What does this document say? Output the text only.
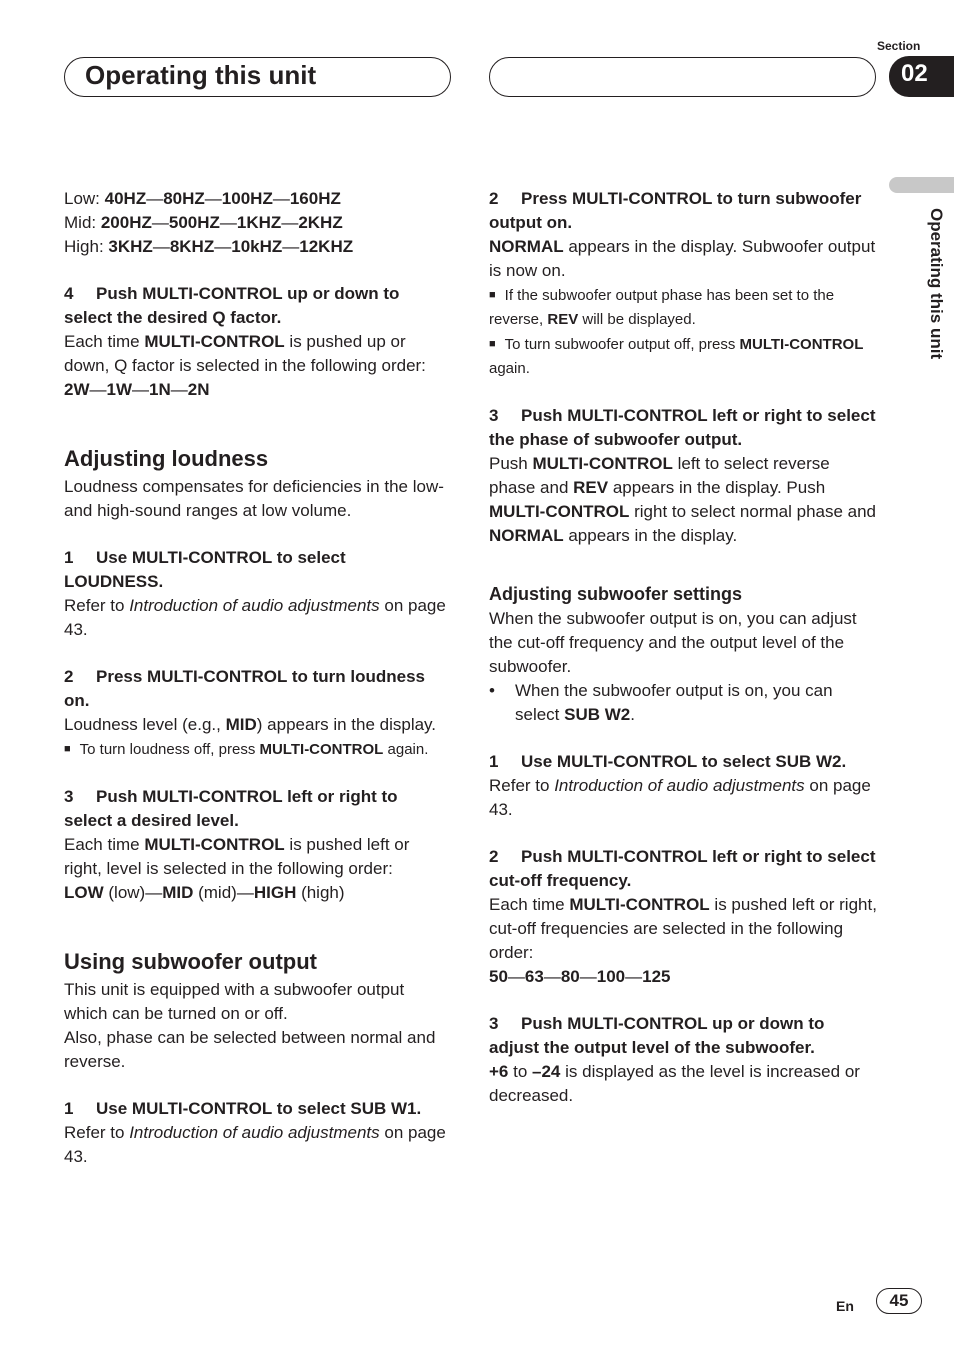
Operating this unit
Section
02
Operating this unit

Low: 40HZ—80HZ—100HZ—160HZ

Mid: 200HZ—500HZ—1KHZ—2KHZ

High: 3KHZ—8KHZ—10kHZ—12KHZ

4 Push MULTI-CONTROL up or down to select the desired Q factor.

Each time MULTI-CONTROL is pushed up or down, Q factor is selected in the following order:

2W—1W—1N—2N

Adjusting loudness

Loudness compensates for deficiencies in the low- and high-sound ranges at low volume.

1 Use MULTI-CONTROL to select LOUDNESS.

Refer to Introduction of audio adjustments on page 43.

2 Press MULTI-CONTROL to turn loudness on.

Loudness level (e.g., MID) appears in the display.

■ To turn loudness off, press MULTI-CONTROL again.

3 Push MULTI-CONTROL left or right to select a desired level.

Each time MULTI-CONTROL is pushed left or right, level is selected in the following order:

LOW (low)—MID (mid)—HIGH (high)

Using subwoofer output

This unit is equipped with a subwoofer output which can be turned on or off.

Also, phase can be selected between normal and reverse.

1 Use MULTI-CONTROL to select SUB W1.

Refer to Introduction of audio adjustments on page 43.

2 Press MULTI-CONTROL to turn subwoofer output on.

NORMAL appears in the display. Subwoofer output is now on.

■ If the subwoofer output phase has been set to the reverse, REV will be displayed.

■ To turn subwoofer output off, press MULTI-CONTROL again.

3 Push MULTI-CONTROL left or right to select the phase of subwoofer output.

Push MULTI-CONTROL left to select reverse phase and REV appears in the display. Push MULTI-CONTROL right to select normal phase and NORMAL appears in the display.

Adjusting subwoofer settings

When the subwoofer output is on, you can adjust the cut-off frequency and the output level of the subwoofer.

• When the subwoofer output is on, you can select SUB W2.

1 Use MULTI-CONTROL to select SUB W2.

Refer to Introduction of audio adjustments on page 43.

2 Push MULTI-CONTROL left or right to select cut-off frequency.

Each time MULTI-CONTROL is pushed left or right, cut-off frequencies are selected in the following order:

50—63—80—100—125

3 Push MULTI-CONTROL up or down to adjust the output level of the subwoofer.

+6 to –24 is displayed as the level is increased or decreased.

En	45
